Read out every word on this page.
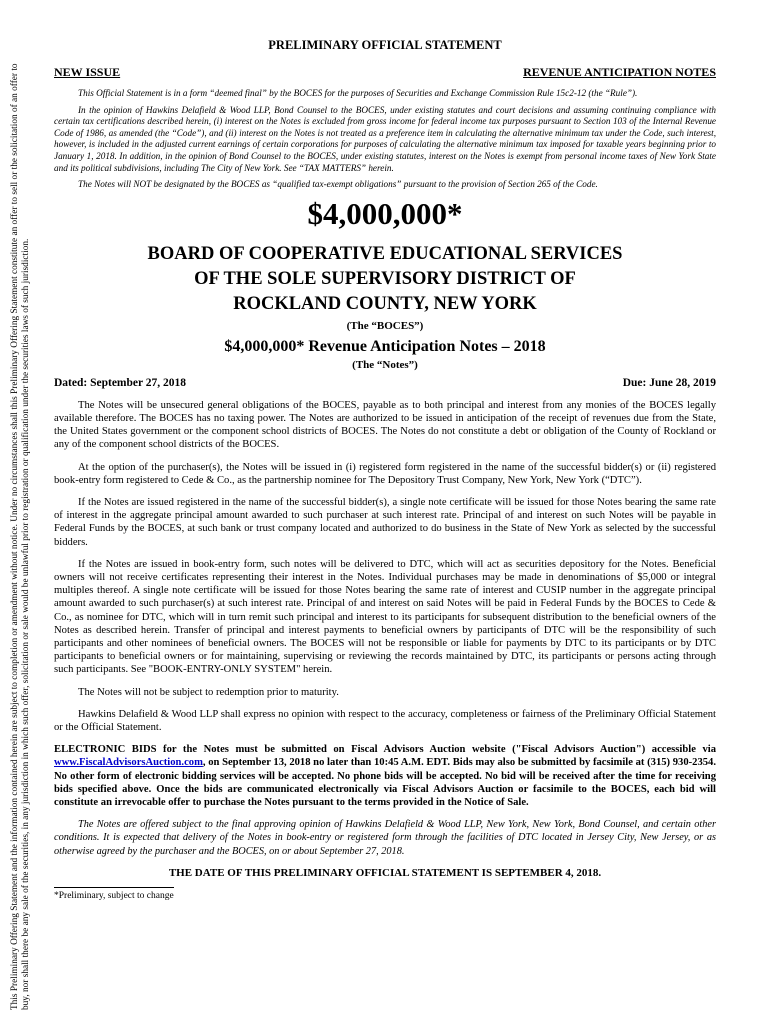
This Preliminary Offering Statement and the information contained herein are subject to completion or amendment without notice. Under no circumstances shall this Preliminary Offering Statement constitute an offer to sell or the solicitation of an offer to buy, nor shall there be any sale of the securities, in any jurisdiction in which such offer, solicitation or sale would be unlawful prior to registration or qualification under the securities laws of such jurisdiction.
PRELIMINARY OFFICIAL STATEMENT
NEW ISSUE	REVENUE ANTICIPATION NOTES

This Official Statement is in a form “deemed final” by the BOCES for the purposes of Securities and Exchange Commission Rule 15c2-12 (the “Rule”).

In the opinion of Hawkins Delafield & Wood LLP, Bond Counsel to the BOCES, under existing statutes and court decisions and assuming continuing compliance with certain tax certifications described herein, (i) interest on the Notes is excluded from gross income for federal income tax purposes pursuant to Section 103 of the Internal Revenue Code of 1986, as amended (the “Code”), and (ii) interest on the Notes is not treated as a preference item in calculating the alternative minimum tax under the Code, such interest, however, is included in the adjusted current earnings of certain corporations for purposes of calculating the alternative minimum tax imposed for taxable years beginning prior to January 1, 2018. In addition, in the opinion of Bond Counsel to the BOCES, under existing statutes, interest on the Notes is exempt from personal income taxes of New York State and its political subdivisions, including The City of New York. See “TAX MATTERS” herein.

The Notes will NOT be designated by the BOCES as “qualified tax-exempt obligations” pursuant to the provision of Section 265 of the Code.

$4,000,000*

BOARD OF COOPERATIVE EDUCATIONAL SERVICES

OF THE SOLE SUPERVISORY DISTRICT OF

ROCKLAND COUNTY, NEW YORK

(The “BOCES”)
$4,000,000* Revenue Anticipation Notes – 2018
(The “Notes”)
Dated: September 27, 2018	Due: June 28, 2019

The Notes will be unsecured general obligations of the BOCES, payable as to both principal and interest from any monies of the BOCES legally available therefore. The BOCES has no taxing power. The Notes are authorized to be issued in anticipation of the receipt of revenues due from the State, the United States government or the component school districts of BOCES. The Notes do not constitute a debt or obligation of the County of Rockland or any of the component school districts of the BOCES.

At the option of the purchaser(s), the Notes will be issued in (i) registered form registered in the name of the successful bidder(s) or (ii) registered book-entry form registered to Cede & Co., as the partnership nominee for The Depository Trust Company, New York, New York (“DTC”).

If the Notes are issued registered in the name of the successful bidder(s), a single note certificate will be issued for those Notes bearing the same rate of interest in the aggregate principal amount awarded to such purchaser at such interest rate. Principal of and interest on such Notes will be payable in Federal Funds by the BOCES, at such bank or trust company located and authorized to do business in the State of New York as selected by the successful bidders.

If the Notes are issued in book-entry form, such notes will be delivered to DTC, which will act as securities depository for the Notes. Beneficial owners will not receive certificates representing their interest in the Notes. Individual purchases may be made in denominations of $5,000 or integral multiples thereof. A single note certificate will be issued for those Notes bearing the same rate of interest and CUSIP number in the aggregate principal amount awarded to such purchaser(s) at such interest rate. Principal of and interest on said Notes will be paid in Federal Funds by the BOCES to Cede & Co., as nominee for DTC, which will in turn remit such principal and interest to its participants for subsequent distribution to the beneficial owners of the Notes as described herein. Transfer of principal and interest payments to beneficial owners by participants of DTC will be the responsibility of such participants and other nominees of beneficial owners. The BOCES will not be responsible or liable for payments by DTC to its participants or by DTC participants to beneficial owners or for maintaining, supervising or reviewing the records maintained by DTC, its participants or persons acting through such participants. See "BOOK-ENTRY-ONLY SYSTEM" herein.

The Notes will not be subject to redemption prior to maturity.

Hawkins Delafield & Wood LLP shall express no opinion with respect to the accuracy, completeness or fairness of the Preliminary Official Statement or the Official Statement.

ELECTRONIC BIDS for the Notes must be submitted on Fiscal Advisors Auction website ("Fiscal Advisors Auction") accessible via www.FiscalAdvisorsAuction.com, on September 13, 2018 no later than 10:45 A.M. EDT. Bids may also be submitted by facsimile at (315) 930-2354. No other form of electronic bidding services will be accepted. No phone bids will be accepted. No bid will be received after the time for receiving bids specified above. Once the bids are communicated electronically via Fiscal Advisors Auction or facsimile to the BOCES, each bid will constitute an irrevocable offer to purchase the Notes pursuant to the terms provided in the Notice of Sale.

The Notes are offered subject to the final approving opinion of Hawkins Delafield & Wood LLP, New York, New York, Bond Counsel, and certain other conditions. It is expected that delivery of the Notes in book-entry or registered form through the facilities of DTC located in Jersey City, New Jersey, or as otherwise agreed by the purchaser and the BOCES, on or about September 27, 2018.

THE DATE OF THIS PRELIMINARY OFFICIAL STATEMENT IS SEPTEMBER 4, 2018.
*Preliminary, subject to change
